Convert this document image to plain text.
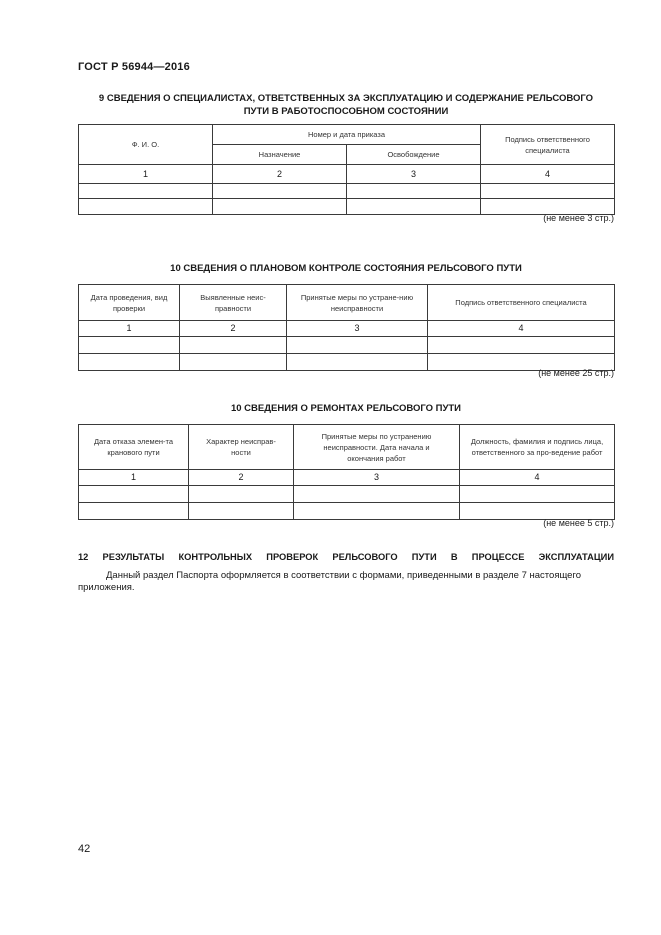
ГОСТ Р 56944—2016
9 СВЕДЕНИЯ О СПЕЦИАЛИСТАХ, ОТВЕТСТВЕННЫХ ЗА ЭКСПЛУАТАЦИЮ И СОДЕРЖАНИЕ РЕЛЬСОВОГО
ПУТИ В РАБОТОСПОСОБНОМ СОСТОЯНИИ
Ф. И. О.	Номер и дата приказа		Подпись ответственного специалиста
	Назначение	Освобождение	
1	2	3	4

(не менее 3 стр.)
10 СВЕДЕНИЯ О ПЛАНОВОМ КОНТРОЛЕ СОСТОЯНИЯ РЕЛЬСОВОГО ПУТИ
Дата проведения, вид проверки	Выявленные неис-правности	Принятые меры по устране-нию неисправности	Подпись ответственного специалиста
1	2	3	4

(не менее 25 стр.)
10 СВЕДЕНИЯ О РЕМОНТАХ РЕЛЬСОВОГО ПУТИ
Дата отказа элемен-та кранового пути	Характер неисправ-ности	Принятые меры по устранению неисправности. Дата начала и окончания работ	Должность, фамилия и подпись лица, ответственного за про-ведение работ
1	2	3	4

(не менее 5 стр.)
12 РЕЗУЛЬТАТЫ КОНТРОЛЬНЫХ ПРОВЕРОК РЕЛЬСОВОГО ПУТИ В ПРОЦЕССЕ ЭКСПЛУАТАЦИИ
Данный раздел Паспорта оформляется в соответствии с формами, приведенными в разделе 7 настоящего приложения.
42
